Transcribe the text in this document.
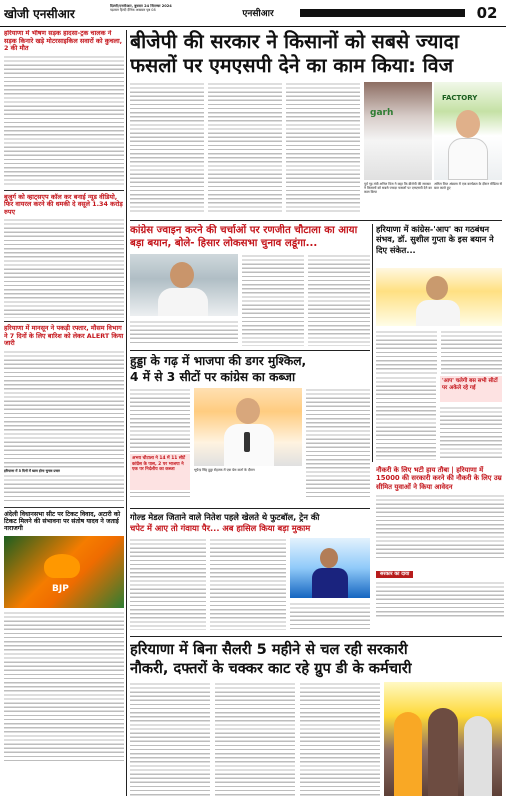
खोजी एनसीआर
दिल्ली/एनसीआर, बुधवार 24 सितम्बर 2024
पड़ताल हिन्दी दैनिक अखबार पृष्ठ 08	एनसीआर	02
हरियाणा में भीषण सड़क हादसा-ट्रक चालक ने सड़क किनारे खड़े मोटरसाइकिल सवारों को कुचला, 2 की मौत
बुजुर्ग को व्हाट्सएप कॉल कर बनाई न्यूड वीडियो, फिर वायरल करने की धमकी दे वसूले 1.34 करोड़ रुपए
हरियाणा में मानसून ने पकड़ी रफ्तार, मौसम विभाग ने 7 दिनों के लिए बारिश को लेकर ALERT किया जारी
हरियाणा में 5 दिनों में खत्म होगा चुनाव प्रचार
अंदेली विधानसभा सीट पर टिकट विवाद, अटारी को टिकट मिलने की संभावना पर संतोष यादव ने जताई नाराजगी
BJP
बीजेपी की सरकार ने किसानों को सबसे ज्यादा
फसलों पर एमएसपी देने का काम किया: विज
garh
FACTORY
पूर्व गृह मंत्री अनिल विज ने कहा कि बीजेपी की सरकार ने किसानों को सबसे ज्यादा फसलों पर एमएसपी देने का काम किया
अनिल विज अंबाला में एक कार्यक्रम के दौरान मीडिया से बात करते हुए
कांग्रेस ज्वाइन करने की चर्चाओं पर रणजीत चौटाला का आया बड़ा बयान, बोले- हिसार लोकसभा चुनाव लडूंगा...
हरियाणा में कांग्रेस-'आप' का गठबंधन संभव, डॉ. सुशील गुप्ता के इस बयान ने दिए संकेत...
'आप' चलेगी बस सभी सीटों पर अकेले रहे गई
हुड्डा के गढ़ में भाजपा की डगर मुश्किल,
4 में से 3 सीटों पर कांग्रेस का कब्जा
भूपेन्द्र सिंह हुड्डा रोहतक में एक प्रेस वार्ता के दौरान
अभय चौटाला ने 14 में 11 सीटें कांग्रेस के पास, 2 पर भाजपा ने एक पर निर्दलीय का कब्जा	नौकरी के लिए भटी हाय तौबा | हरियाणा में 15000 की सरकारी करने की नौकरी के लिए उम्र सीमित युवाओं ने किया आवेदन
सरकार का दावा
गोल्ड मेडल जिताने वाले नितेश पहले खेलते थे फुटबॉल, ट्रेन की
चपेट में आए तो गंवाया पैर... अब हासिल किया बड़ा मुकाम
हरियाणा में बिना सैलरी 5 महीने से चल रही सरकारी
नौकरी, दफ्तरों के चक्कर काट रहे ग्रुप डी के कर्मचारी
